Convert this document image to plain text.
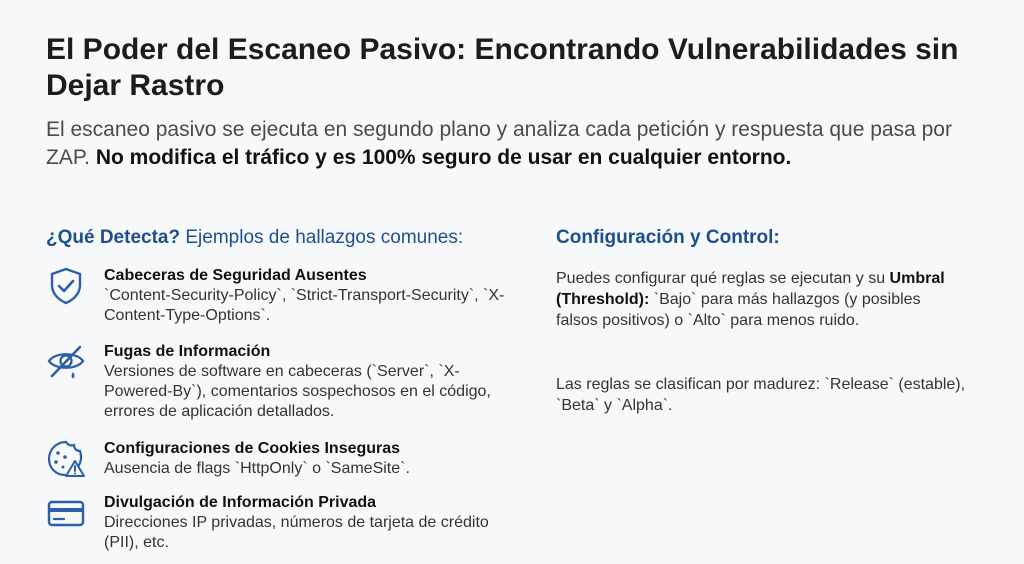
El Poder del Escaneo Pasivo: Encontrando Vulnerabilidades sin Dejar Rastro
El escaneo pasivo se ejecuta en segundo plano y analiza cada petición y respuesta que pasa por ZAP. No modifica el tráfico y es 100% seguro de usar en cualquier entorno.
¿Qué Detecta? Ejemplos de hallazgos comunes:
Cabeceras de Seguridad Ausentes
`Content-Security-Policy`, `Strict-Transport-Security`, `X-Content-Type-Options`.
Fugas de Información
Versiones de software en cabeceras (`Server`, `X-Powered-By`), comentarios sospechosos en el código, errores de aplicación detallados.
Configuraciones de Cookies Inseguras
Ausencia de flags `HttpOnly` o `SameSite`.
Divulgación de Información Privada
Direcciones IP privadas, números de tarjeta de crédito (PII), etc.
Configuración y Control:
Puedes configurar qué reglas se ejecutan y su Umbral (Threshold): `Bajo` para más hallazgos (y posibles falsos positivos) o `Alto` para menos ruido.
Las reglas se clasifican por madurez: `Release` (estable), `Beta` y `Alpha`.
